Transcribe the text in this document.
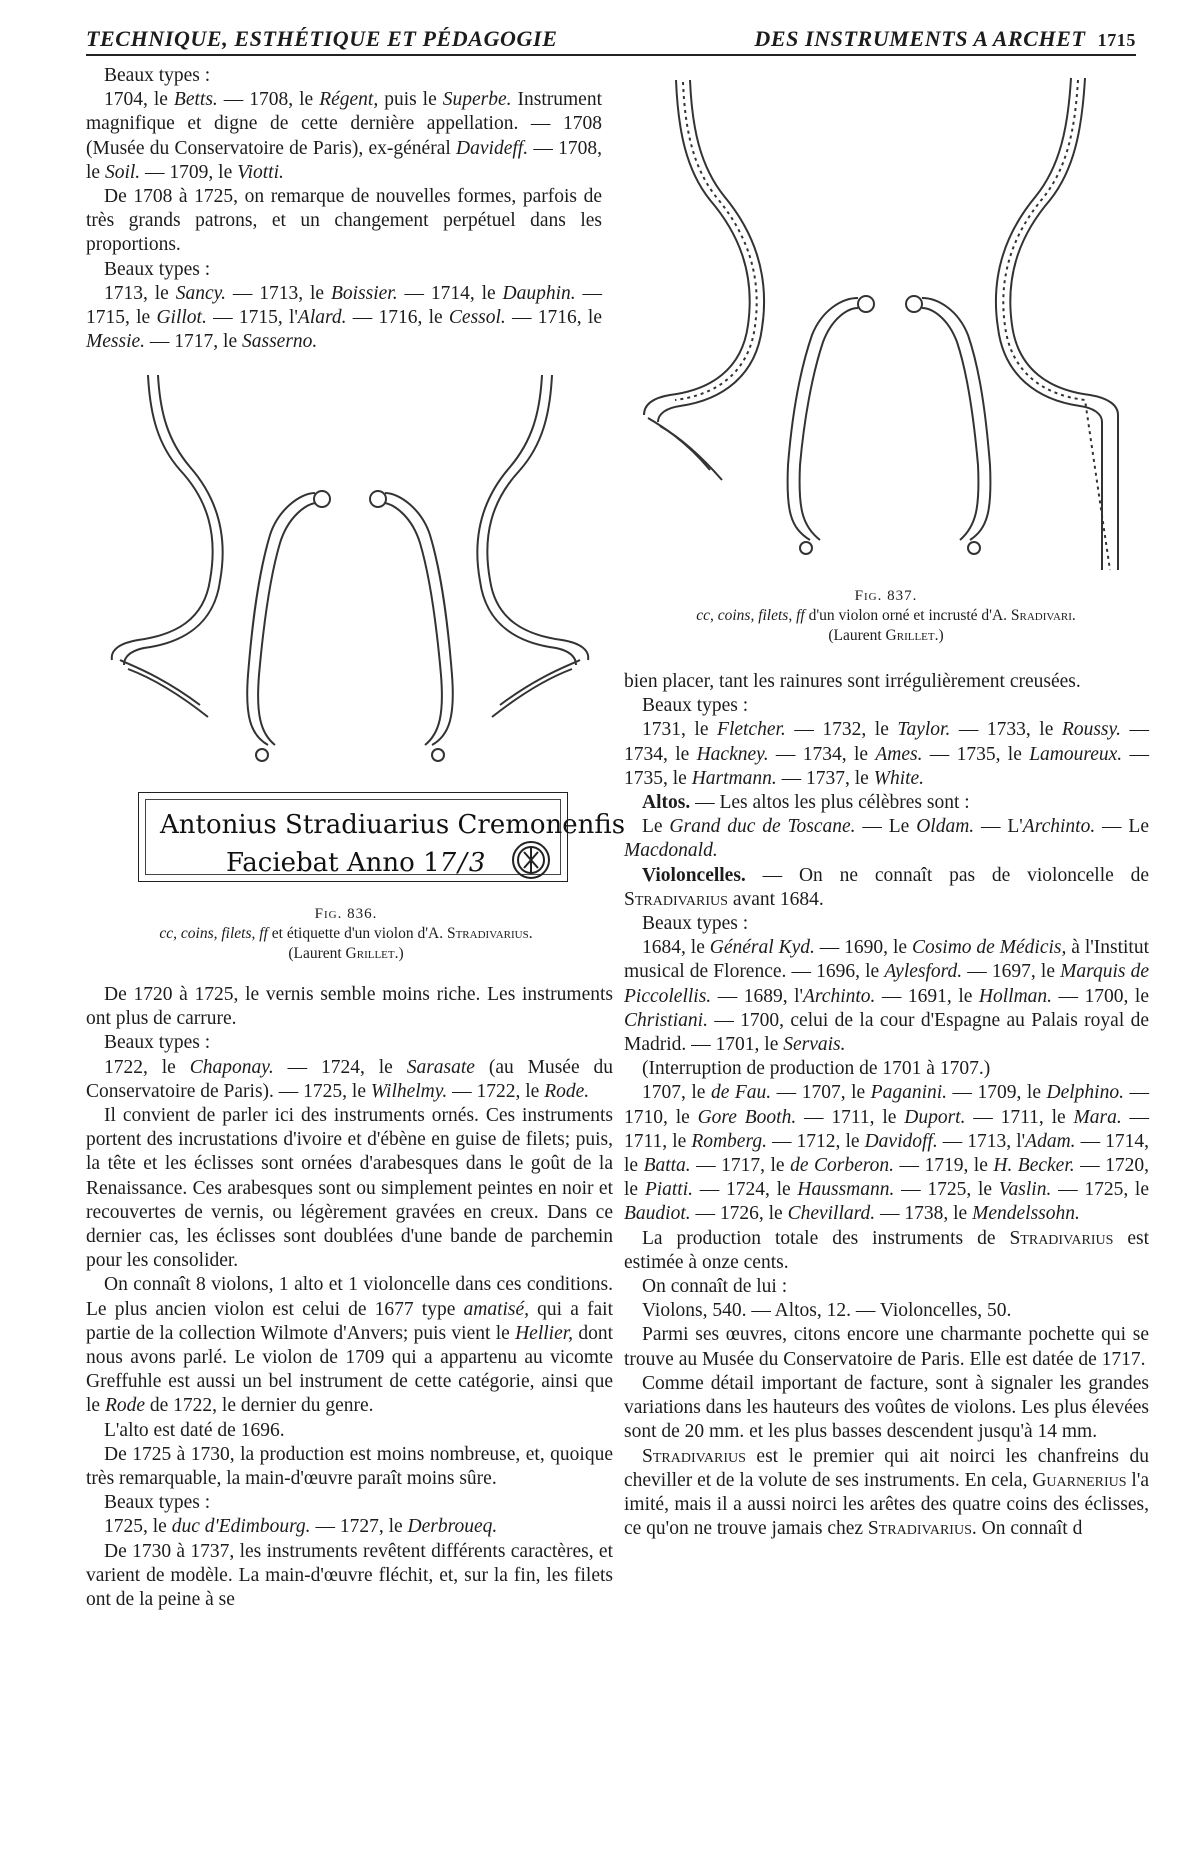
TECHNIQUE, ESTHÉTIQUE ET PÉDAGOGIE	DES INSTRUMENTS A ARCHET 1715

Beaux types :

1704, le Betts. — 1708, le Régent, puis le Superbe. Instrument magnifique et digne de cette dernière appellation. — 1708 (Musée du Conservatoire de Paris), ex-général Davideff. — 1708, le Soil. — 1709, le Viotti.

De 1708 à 1725, on remarque de nouvelles formes, parfois de très grands patrons, et un changement perpétuel dans les proportions.

Beaux types :

1713, le Sancy. — 1713, le Boissier. — 1714, le Dauphin. — 1715, le Gillot. — 1715, l'Alard. — 1716, le Cessol. — 1716, le Messie. — 1717, le Sasserno.

Antonius Stradiuarius Cremonenfis
Faciebat Anno 17/3
Fig. 836.
cc, coins, filets, ff et étiquette d'un violon d'A. Stradivarius.
(Laurent Grillet.)
Fig. 837.
cc, coins, filets, ff d'un violon orné et incrusté d'A. Sradivari.
(Laurent Grillet.)

De 1720 à 1725, le vernis semble moins riche. Les instruments ont plus de carrure.

Beaux types :

1722, le Chaponay. — 1724, le Sarasate (au Musée du Conservatoire de Paris). — 1725, le Wilhelmy. — 1722, le Rode.

Il convient de parler ici des instruments ornés. Ces instruments portent des incrustations d'ivoire et d'ébène en guise de filets; puis, la tête et les éclisses sont ornées d'arabesques dans le goût de la Renaissance. Ces arabesques sont ou simplement peintes en noir et recouvertes de vernis, ou légèrement gravées en creux. Dans ce dernier cas, les éclisses sont doublées d'une bande de parchemin pour les consolider.

On connaît 8 violons, 1 alto et 1 violoncelle dans ces conditions. Le plus ancien violon est celui de 1677 type amatisé, qui a fait partie de la collection Wilmote d'Anvers; puis vient le Hellier, dont nous avons parlé. Le violon de 1709 qui a appartenu au vicomte Greffuhle est aussi un bel instrument de cette catégorie, ainsi que le Rode de 1722, le dernier du genre.

L'alto est daté de 1696.

De 1725 à 1730, la production est moins nombreuse, et, quoique très remarquable, la main-d'œuvre paraît moins sûre.

Beaux types :

1725, le duc d'Edimbourg. — 1727, le Derbroueq.

De 1730 à 1737, les instruments revêtent différents caractères, et varient de modèle. La main-d'œuvre fléchit, et, sur la fin, les filets ont de la peine à se

bien placer, tant les rainures sont irrégulièrement creusées.

Beaux types :

1731, le Fletcher. — 1732, le Taylor. — 1733, le Roussy. — 1734, le Hackney. — 1734, le Ames. — 1735, le Lamoureux. — 1735, le Hartmann. — 1737, le White.

Altos. — Les altos les plus célèbres sont :

Le Grand duc de Toscane. — Le Oldam. — L'Archinto. — Le Macdonald.

Violoncelles. — On ne connaît pas de violoncelle de Stradivarius avant 1684.

Beaux types :

1684, le Général Kyd. — 1690, le Cosimo de Médicis, à l'Institut musical de Florence. — 1696, le Aylesford. — 1697, le Marquis de Piccolellis. — 1689, l'Archinto. — 1691, le Hollman. — 1700, le Christiani. — 1700, celui de la cour d'Espagne au Palais royal de Madrid. — 1701, le Servais.

(Interruption de production de 1701 à 1707.)

1707, le de Fau. — 1707, le Paganini. — 1709, le Delphino. — 1710, le Gore Booth. — 1711, le Duport. — 1711, le Mara. — 1711, le Romberg. — 1712, le Davidoff. — 1713, l'Adam. — 1714, le Batta. — 1717, le de Corberon. — 1719, le H. Becker. — 1720, le Piatti. — 1724, le Haussmann. — 1725, le Vaslin. — 1725, le Baudiot. — 1726, le Chevillard. — 1738, le Mendelssohn.

La production totale des instruments de Stradivarius est estimée à onze cents.

On connaît de lui :

Violons, 540. — Altos, 12. — Violoncelles, 50.

Parmi ses œuvres, citons encore une charmante pochette qui se trouve au Musée du Conservatoire de Paris. Elle est datée de 1717.

Comme détail important de facture, sont à signaler les grandes variations dans les hauteurs des voûtes de violons. Les plus élevées sont de 20 mm. et les plus basses descendent jusqu'à 14 mm.

Stradivarius est le premier qui ait noirci les chanfreins du cheviller et de la volute de ses instruments. En cela, Guarnerius l'a imité, mais il a aussi noirci les arêtes des quatre coins des éclisses, ce qu'on ne trouve jamais chez Stradivarius. On connaît d
